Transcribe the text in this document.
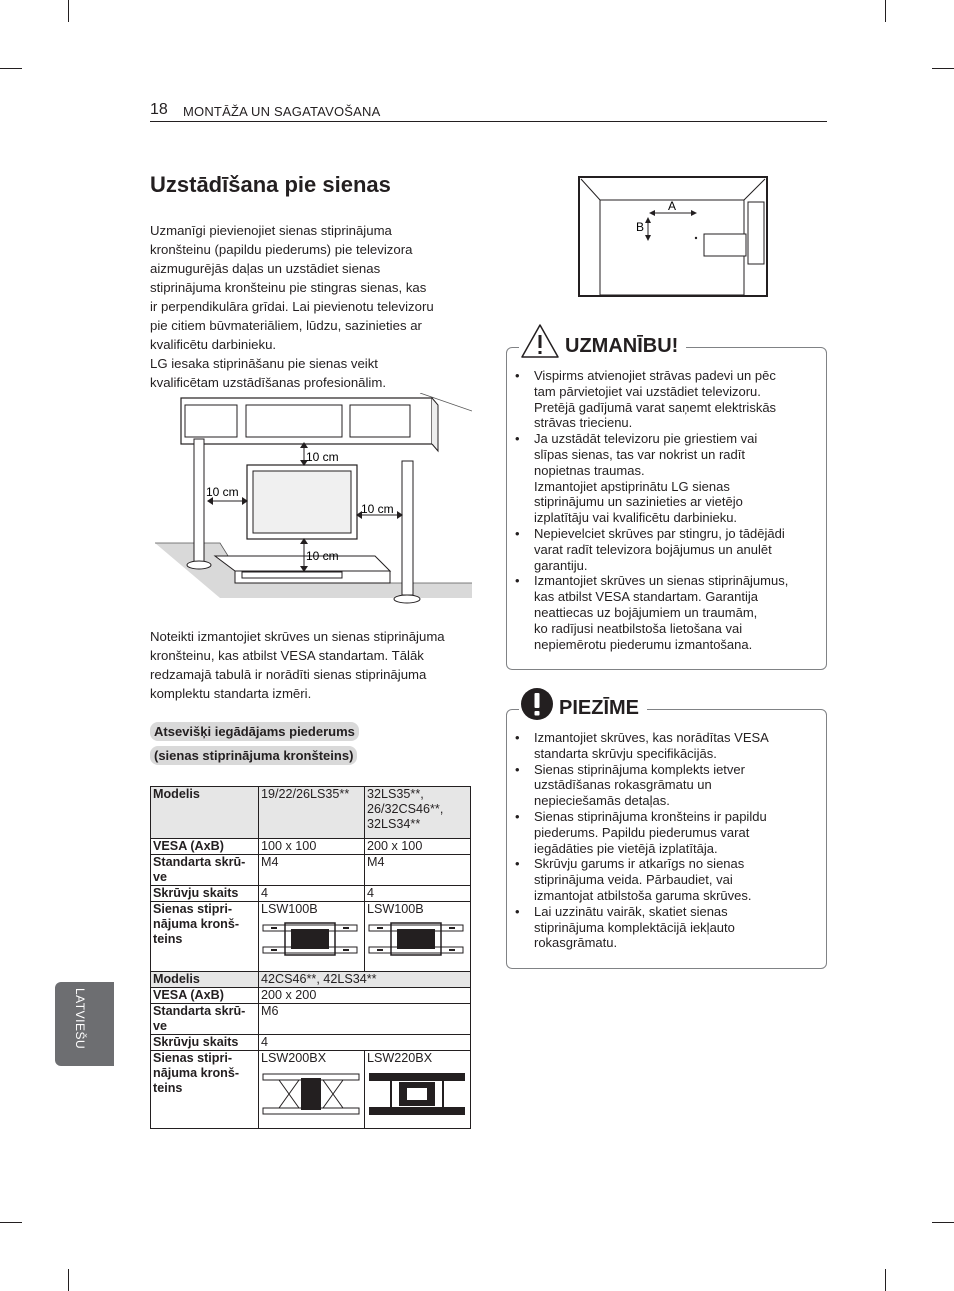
18 MONTĀŽA UN SAGATAVOŠANA
LATVIEŠU
Uzstādīšana pie sienas
Uzmanīgi pievienojiet sienas stiprinājuma
kronšteinu (papildu piederums) pie televizora
aizmugurējās daļas un uzstādiet sienas
stiprinājuma kronšteinu pie stingras sienas, kas
ir perpendikulāra grīdai. Lai pievienotu televizoru
pie citiem būvmateriāliem, lūdzu, sazinieties ar
kvalificētu darbinieku.
LG iesaka stiprināšanu pie sienas veikt
kvalificētam uzstādīšanas profesionālim.
10 cm
10 cm
10 cm
10 cm
Noteikti izmantojiet skrūves un sienas stiprinājuma
kronšteinu, kas atbilst VESA standartam. Tālāk
redzamajā tabulā ir norādīti sienas stiprinājuma
komplektu standarta izmēri.
Atsevišķi iegādājams piederums
(sienas stiprinājuma kronšteins)
Modelis	19/22/26LS35**	32LS35**,
26/32CS46**,
32LS34**

VESA (AxB)	100 x 100	200 x 100

Standarta skrū-
ve	M4	M4
Skrūvju skaits	4	4

Sienas stipri-
nājuma kronš-
teins	LSW100B	LSW100B

Modelis	42CS46**, 42LS34**	
VESA (AxB)	200 x 200	

Standarta skrū-
ve	M6	
Skrūvju skaits	4	

Sienas stipri-
nājuma kronš-
teins	LSW200BX	LSW220BX
A
B
UZMANĪBU!
• Vispirms atvienojiet strāvas padevi un pēc
tam pārvietojiet vai uzstādiet televizoru.
Pretējā gadījumā varat saņemt elektriskās
strāvas triecienu.
• Ja uzstādāt televizoru pie griestiem vai
slīpas sienas, tas var nokrist un radīt
nopietnas traumas.
Izmantojiet apstiprinātu LG sienas
stiprinājumu un sazinieties ar vietējo
izplatītāju vai kvalificētu darbinieku.
• Nepievelciet skrūves par stingru, jo tādējādi
varat radīt televizora bojājumus un anulēt
garantiju.
• Izmantojiet skrūves un sienas stiprinājumus,
kas atbilst VESA standartam. Garantija
neattiecas uz bojājumiem un traumām,
ko radījusi neatbilstoša lietošana vai
nepiemērotu piederumu izmantošana.
PIEZĪME
• Izmantojiet skrūves, kas norādītas VESA
standarta skrūvju specifikācijās.
• Sienas stiprinājuma komplekts ietver
uzstādīšanas rokasgrāmatu un
nepieciešamās detaļas.
• Sienas stiprinājuma kronšteins ir papildu
piederums. Papildu piederumus varat
iegādāties pie vietējā izplatītāja.
• Skrūvju garums ir atkarīgs no sienas
stiprinājuma veida. Pārbaudiet, vai
izmantojat atbilstoša garuma skrūves.
• Lai uzzinātu vairāk, skatiet sienas
stiprinājuma komplektācijā iekļauto
rokasgrāmatu.
